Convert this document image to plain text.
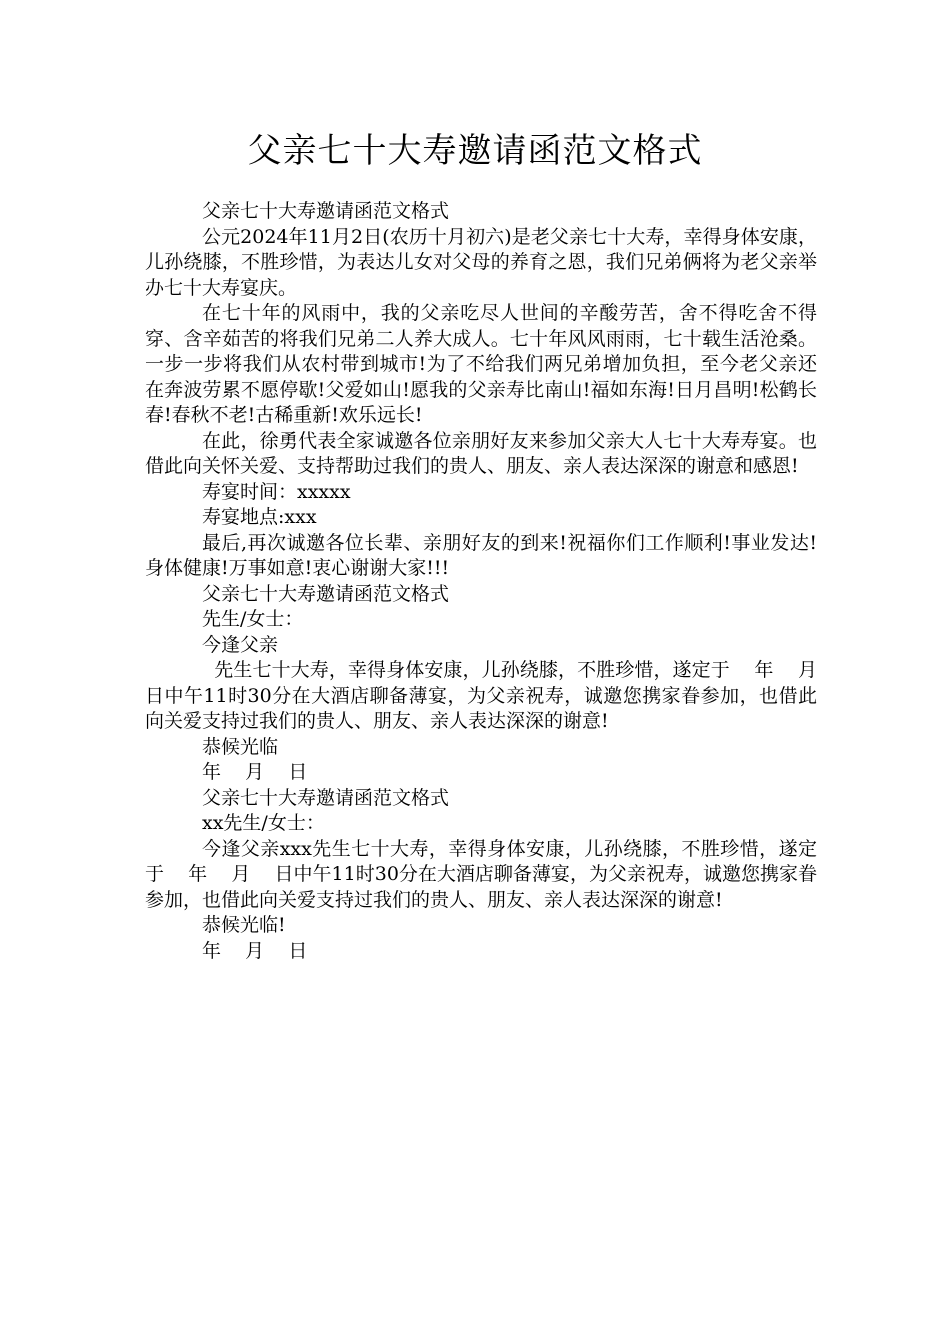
父亲七十大寿邀请函范文格式

父亲七十大寿邀请函范文格式

公元2024年11月2日(农历十月初六)是老父亲七十大寿，幸得身体安康，儿孙绕膝，不胜珍惜，为表达儿女对父母的养育之恩，我们兄弟俩将为老父亲举办七十大寿宴庆。

在七十年的风雨中，我的父亲吃尽人世间的辛酸劳苦，舍不得吃舍不得穿、含辛茹苦的将我们兄弟二人养大成人。七十年风风雨雨，七十载生活沧桑。一步一步将我们从农村带到城市!为了不给我们两兄弟增加负担，至今老父亲还在奔波劳累不愿停歇!父爱如山!愿我的父亲寿比南山!福如东海!日月昌明!松鹤长春!春秋不老!古稀重新!欢乐远长!

在此，徐勇代表全家诚邀各位亲朋好友来参加父亲大人七十大寿寿宴。也借此向关怀关爱、支持帮助过我们的贵人、朋友、亲人表达深深的谢意和感恩!

寿宴时间：xxxxx

寿宴地点:xxx

最后,再次诚邀各位长辈、亲朋好友的到来!祝福你们工作顺利!事业发达!身体健康!万事如意!衷心谢谢大家!!!

父亲七十大寿邀请函范文格式

先生/女士：

今逢父亲

先生七十大寿，幸得身体安康，儿孙绕膝，不胜珍惜，遂定于    年    月    日中午11时30分在大酒店聊备薄宴，为父亲祝寿，诚邀您携家眷参加，也借此向关爱支持过我们的贵人、朋友、亲人表达深深的谢意!

恭候光临

年    月    日

父亲七十大寿邀请函范文格式

xx先生/女士：

今逢父亲xxx先生七十大寿，幸得身体安康，儿孙绕膝，不胜珍惜，遂定于    年    月    日中午11时30分在大酒店聊备薄宴，为父亲祝寿，诚邀您携家眷参加，也借此向关爱支持过我们的贵人、朋友、亲人表达深深的谢意!

恭候光临!

年    月    日
